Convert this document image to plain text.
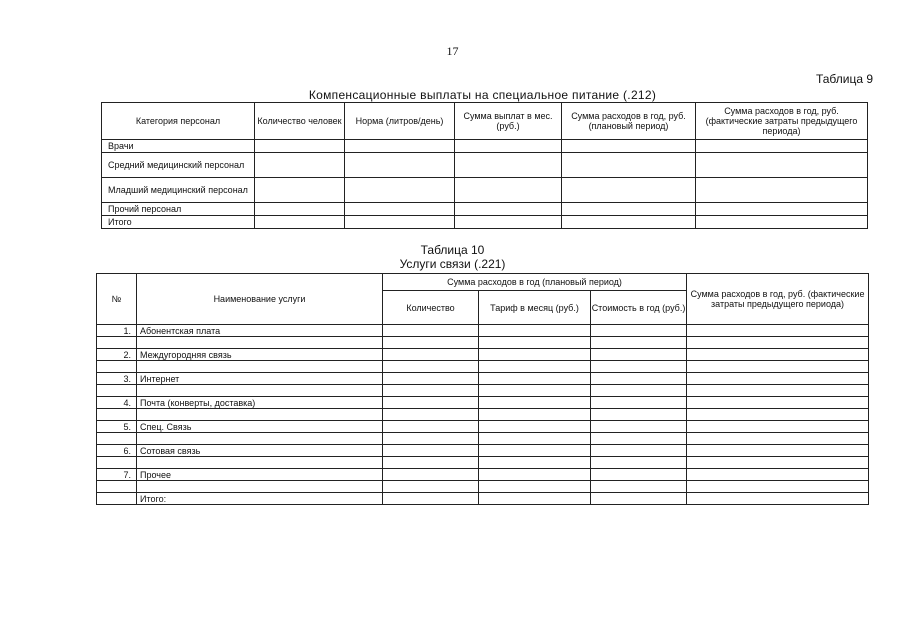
17
Таблица 9
Компенсационные выплаты на специальное питание (.212)
Категория персонал	Количество человек	Норма (литров/день)	Сумма выплат в мес.(руб.)	Сумма расходов в год, руб. (плановый период)	Сумма расходов в год, руб. (фактические затраты предыдущего периода)
Врачи					
Средний медицинский персонал					
Младший медицинский персонал					
Прочий персонал					
Итого					
Таблица 10
Услуги связи (.221)
№	Наименование услуги	Сумма расходов в год (плановый период)			Сумма расходов в год, руб. (фактические затраты предыдущего периода)
		Количество	Тариф в месяц (руб.)	Стоимость в год (руб.)	
1.	Абонентская плата				

2.	Междугородняя связь				

3.	Интернет				

4.	Почта (конверты, доставка)				

5.	Спец. Связь				

6.	Сотовая связь				

7.	Прочее				

	Итого:				
